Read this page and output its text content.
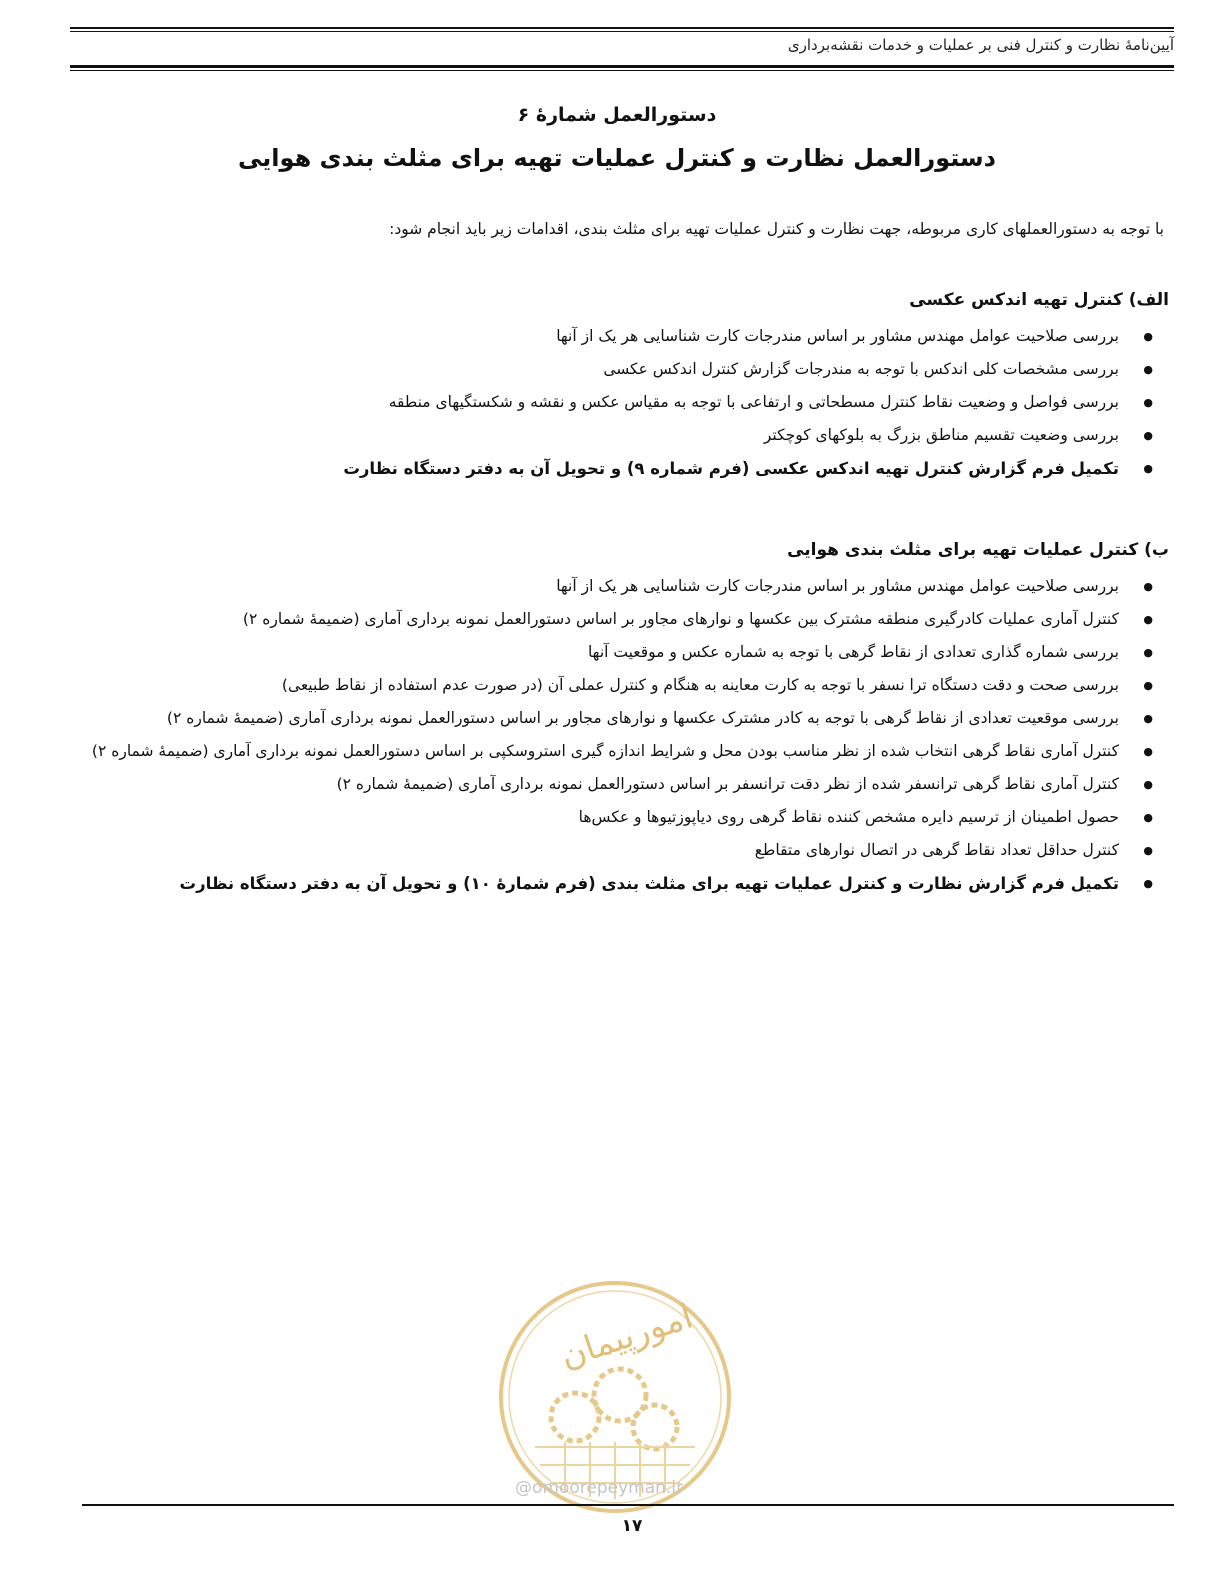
آیین‌نامهٔ نظارت و کنترل فنی بر عملیات و خدمات نقشه‌برداری
دستورالعمل شمارهٔ ۶
دستورالعمل نظارت و کنترل عملیات تهیه برای مثلث بندی هوایی
با توجه به دستورالعملهای کاری مربوطه، جهت نظارت و کنترل عملیات تهیه برای مثلث بندی، اقدامات زیر باید انجام شود:
الف) کنترل تهیه اندکس عکسی
● بررسی صلاحیت عوامل مهندس مشاور بر اساس مندرجات کارت شناسایی هر یک از آنها
● بررسی مشخصات کلی اندکس با توجه به مندرجات گزارش کنترل اندکس عکسی
● بررسی فواصل و وضعیت نقاط کنترل مسطحاتی و ارتفاعی با توجه به مقیاس عکس و نقشه و شکستگیهای منطقه
● بررسی وضعیت تقسیم مناطق بزرگ به بلوکهای کوچکتر
● تکمیل فرم گزارش کنترل تهیه اندکس عکسی (فرم شماره ۹) و تحویل آن به دفتر دستگاه نظارت
ب) کنترل عملیات تهیه برای مثلث بندی هوایی
● بررسی صلاحیت عوامل مهندس مشاور بر اساس مندرجات کارت شناسایی هر یک از آنها
● کنترل آماری عملیات کادرگیری منطقه مشترک بین عکسها و نوارهای مجاور بر اساس دستورالعمل نمونه برداری آماری (ضمیمهٔ شماره ۲)
● بررسی شماره گذاری تعدادی از نقاط گرهی با توجه به شماره عکس و موقعیت آنها
● بررسی صحت و دقت دستگاه ترا نسفر با توجه به کارت معاینه به هنگام و کنترل عملی آن (در صورت عدم استفاده از نقاط طبیعی)
● بررسی موقعیت تعدادی از نقاط گرهی با توجه به کادر مشترک عکسها و نوارهای مجاور بر اساس دستورالعمل نمونه برداری آماری (ضمیمهٔ شماره ۲)
● کنترل آماری نقاط گرهی انتخاب شده از نظر مناسب بودن محل و شرایط اندازه گیری استروسکپی بر اساس دستورالعمل نمونه برداری آماری (ضمیمهٔ شماره ۲)
● کنترل آماری نقاط گرهی ترانسفر شده از نظر دقت ترانسفر بر اساس دستورالعمل نمونه برداری آماری (ضمیمهٔ شماره ۲)
● حصول اطمینان از ترسیم دایره مشخص کننده نقاط گرهی روی دیاپوزتیوها و عکس‌ها
● کنترل حداقل تعداد نقاط گرهی در اتصال نوارهای متقاطع
● تکمیل فرم گزارش نظارت و کنترل عملیات تهیه برای مثلث بندی (فرم شمارهٔ ۱۰) و تحویل آن به دفتر دستگاه نظارت
امورپیمان
@omoorepeyman.ir
۱۷
